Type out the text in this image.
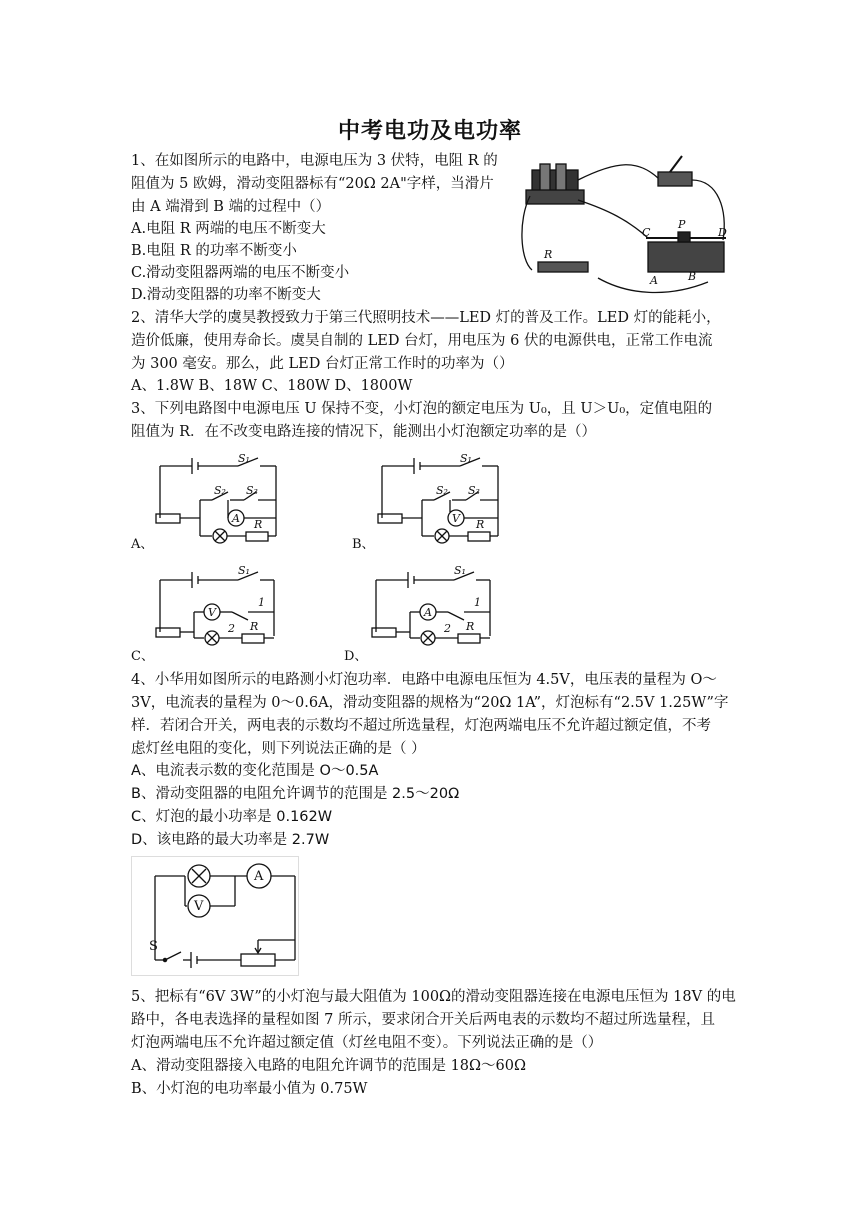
中考电功及电功率
1、在如图所示的电路中，电源电压为 3 伏特，电阻 R 的
阻值为 5 欧姆，滑动变阻器标有“20Ω 2A"字样，当滑片
由 A 端滑到 B 端的过程中（）
A.电阻 R 两端的电压不断变大
B.电阻 R 的功率不断变小
C.滑动变阻器两端的电压不断变小
D.滑动变阻器的功率不断变大
R
C
P
D
B
A
2、清华大学的虞昊教授致力于第三代照明技术——LED 灯的普及工作。LED 灯的能耗小，
造价低廉，使用寿命长。虞昊自制的 LED 台灯，用电压为 6 伏的电源供电，正常工作电流
为 300 毫安。那么，此 LED 台灯正常工作时的功率为（）
A、1.8W B、18W C、180W D、1800W
3、下列电路图中电源电压 U 保持不变，小灯泡的额定电压为 U₀，且 U＞U₀，定值电阻的
阻值为 R．在不改变电路连接的情况下，能测出小灯泡额定功率的是（）
A、
S₁
S₂ S₃
A R
B、
S₁
S₂ S₃
V R
C、
S₁
V
1
2 R
D、
S₁
A
1
2 R
4、小华用如图所示的电路测小灯泡功率．电路中电源电压恒为 4.5V，电压表的量程为 O～
3V，电流表的量程为 0～0.6A，滑动变阻器的规格为“20Ω 1A”，灯泡标有“2.5V 1.25W”字
样．若闭合开关，两电表的示数均不超过所选量程，灯泡两端电压不允许超过额定值，不考
虑灯丝电阻的变化，则下列说法正确的是（ ）
A、电流表示数的变化范围是 O～0.5A
B、滑动变阻器的电阻允许调节的范围是 2.5～20Ω
C、灯泡的最小功率是 0.162W
D、该电路的最大功率是 2.7W
A
V
S
5、把标有“6V 3W”的小灯泡与最大阻值为 100Ω的滑动变阻器连接在电源电压恒为 18V 的电
路中，各电表选择的量程如图 7 所示，要求闭合开关后两电表的示数均不超过所选量程，且
灯泡两端电压不允许超过额定值（灯丝电阻不变）。下列说法正确的是（）
A、滑动变阻器接入电路的电阻允许调节的范围是 18Ω～60Ω
B、小灯泡的电功率最小值为 0.75W
